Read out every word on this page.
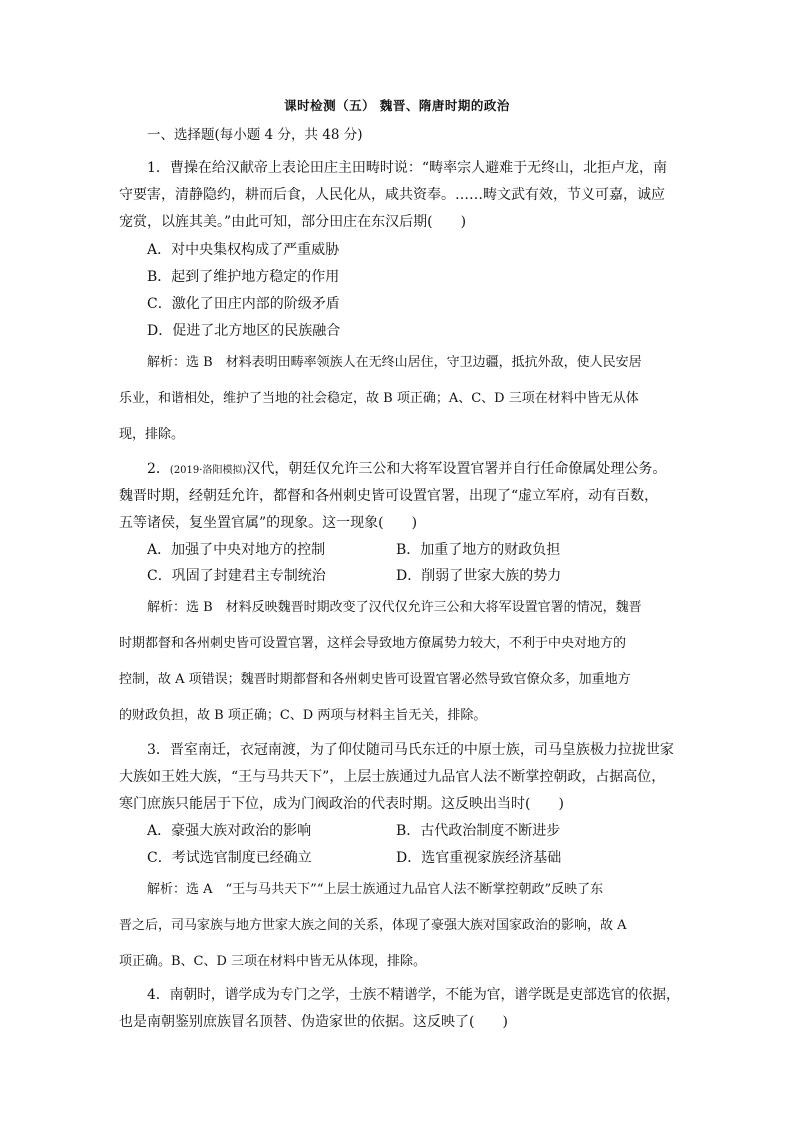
课时检测（五） 魏晋、隋唐时期的政治
一、选择题(每小题 4 分，共 48 分)
1．曹操在给汉献帝上表论田庄主田畴时说：“畴率宗人避难于无终山，北拒卢龙，南
守要害，清静隐约，耕而后食，人民化从，咸共资奉。……畴文武有效，节义可嘉，诚应
宠赏，以旌其美。”由此可知，部分田庄在东汉后期(　　)
A．对中央集权构成了严重威胁
B．起到了维护地方稳定的作用
C．激化了田庄内部的阶级矛盾
D．促进了北方地区的民族融合
解析：选 B　材料表明田畴率领族人在无终山居住，守卫边疆，抵抗外敌，使人民安居
乐业，和谐相处，维护了当地的社会稳定，故 B 项正确；A、C、D 三项在材料中皆无从体
现，排除。
2．(2019·洛阳模拟)汉代，朝廷仅允许三公和大将军设置官署并自行任命僚属处理公务。
魏晋时期，经朝廷允许，都督和各州刺史皆可设置官署，出现了“虚立军府，动有百数，
五等诸侯，复坐置官属”的现象。这一现象(　　)
A．加强了中央对地方的控制	B．加重了地方的财政负担
C．巩固了封建君主专制统治	D．削弱了世家大族的势力
解析：选 B　材料反映魏晋时期改变了汉代仅允许三公和大将军设置官署的情况，魏晋
时期都督和各州刺史皆可设置官署，这样会导致地方僚属势力较大，不利于中央对地方的
控制，故 A 项错误；魏晋时期都督和各州刺史皆可设置官署必然导致官僚众多，加重地方
的财政负担，故 B 项正确；C、D 两项与材料主旨无关，排除。
3．晋室南迁，衣冠南渡，为了仰仗随司马氏东迁的中原士族，司马皇族极力拉拢世家
大族如王姓大族，“王与马共天下”，上层士族通过九品官人法不断掌控朝政，占据高位，
寒门庶族只能居于下位，成为门阀政治的代表时期。这反映出当时(　　)
A．豪强大族对政治的影响	B．古代政治制度不断进步
C．考试选官制度已经确立	D．选官重视家族经济基础
解析：选 A　“王与马共天下”“上层士族通过九品官人法不断掌控朝政”反映了东
晋之后，司马家族与地方世家大族之间的关系，体现了豪强大族对国家政治的影响，故 A
项正确。B、C、D 三项在材料中皆无从体现，排除。
4．南朝时，谱学成为专门之学，士族不精谱学，不能为官，谱学既是吏部选官的依据，
也是南朝鉴别庶族冒名顶替、伪造家世的依据。这反映了(　　)
